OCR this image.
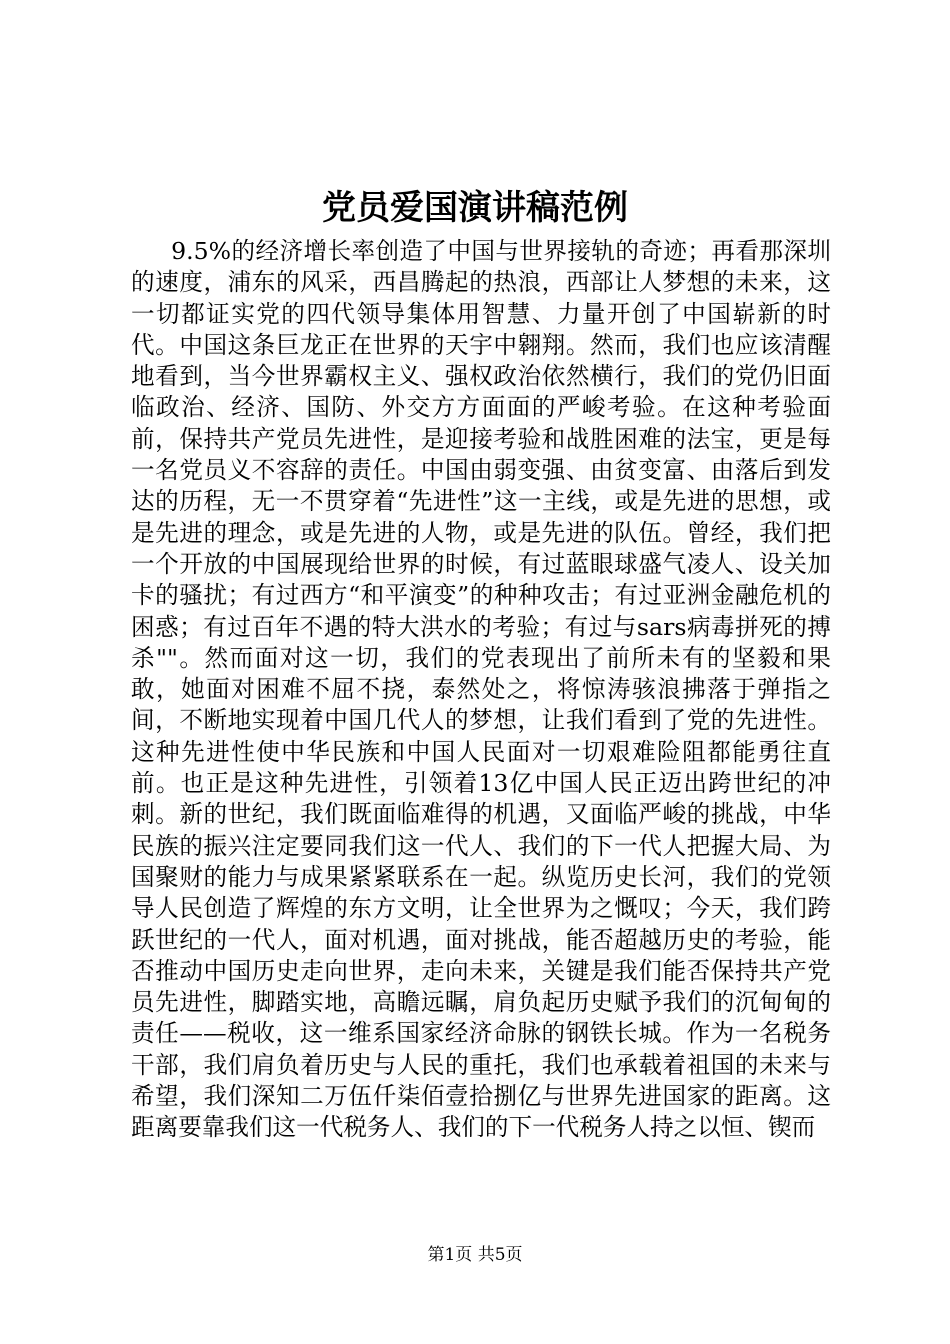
党员爱国演讲稿范例

9.5%的经济增长率创造了中国与世界接轨的奇迹；再看那深圳的速度，浦东的风采，西昌腾起的热浪，西部让人梦想的未来，这一切都证实党的四代领导集体用智慧、力量开创了中国崭新的时代。中国这条巨龙正在世界的天宇中翱翔。然而，我们也应该清醒地看到，当今世界霸权主义、强权政治依然横行，我们的党仍旧面临政治、经济、国防、外交方方面面的严峻考验。在这种考验面前，保持共产党员先进性，是迎接考验和战胜困难的法宝，更是每一名党员义不容辞的责任。中国由弱变强、由贫变富、由落后到发达的历程，无一不贯穿着“先进性”这一主线，或是先进的思想，或是先进的理念，或是先进的人物，或是先进的队伍。曾经，我们把一个开放的中国展现给世界的时候，有过蓝眼球盛气凌人、设关加卡的骚扰；有过西方“和平演变”的种种攻击；有过亚洲金融危机的困惑；有过百年不遇的特大洪水的考验；有过与sars病毒拼死的搏杀""。然而面对这一切，我们的党表现出了前所未有的坚毅和果敢，她面对困难不屈不挠，泰然处之，将惊涛骇浪拂落于弹指之间，不断地实现着中国几代人的梦想，让我们看到了党的先进性。这种先进性使中华民族和中国人民面对一切艰难险阻都能勇往直前。也正是这种先进性，引领着13亿中国人民正迈出跨世纪的冲刺。新的世纪，我们既面临难得的机遇，又面临严峻的挑战，中华民族的振兴注定要同我们这一代人、我们的下一代人把握大局、为国聚财的能力与成果紧紧联系在一起。纵览历史长河，我们的党领导人民创造了辉煌的东方文明，让全世界为之慨叹；今天，我们跨跃世纪的一代人，面对机遇，面对挑战，能否超越历史的考验，能否推动中国历史走向世界，走向未来，关键是我们能否保持共产党员先进性，脚踏实地，高瞻远瞩，肩负起历史赋予我们的沉甸甸的责任——税收，这一维系国家经济命脉的钢铁长城。作为一名税务干部，我们肩负着历史与人民的重托，我们也承载着祖国的未来与希望，我们深知二万伍仟柒佰壹拾捌亿与世界先进国家的距离。这距离要靠我们这一代税务人、我们的下一代税务人持之以恒、锲而

第1页 共5页
